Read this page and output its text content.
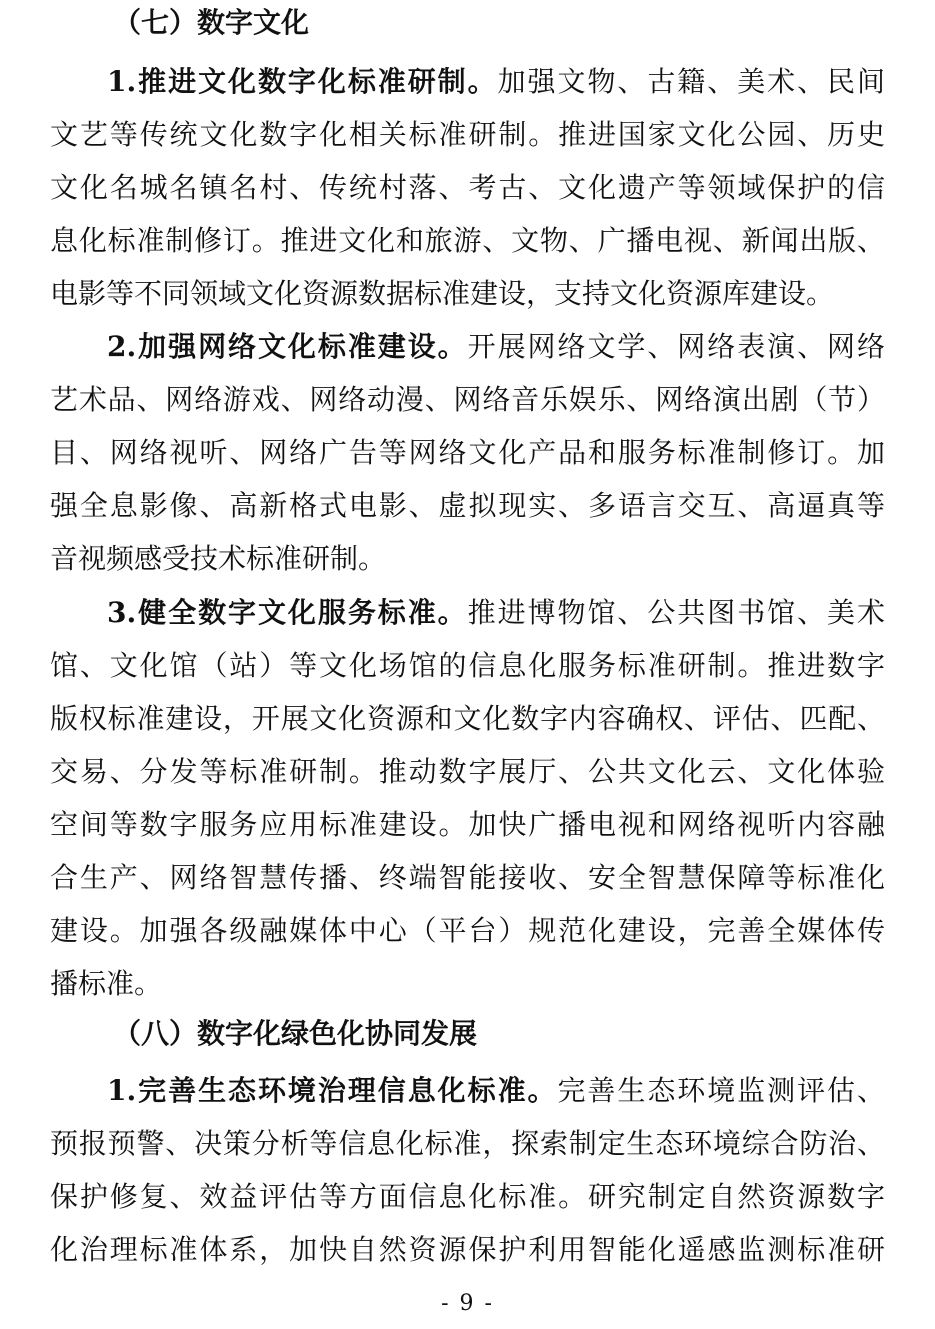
（七）数字文化
1.推进文化数字化标准研制。加强文物、古籍、美术、民间
文艺等传统文化数字化相关标准研制。推进国家文化公园、历史
文化名城名镇名村、传统村落、考古、文化遗产等领域保护的信
息化标准制修订。推进文化和旅游、文物、广播电视、新闻出版、
电影等不同领域文化资源数据标准建设，支持文化资源库建设。
2.加强网络文化标准建设。开展网络文学、网络表演、网络
艺术品、网络游戏、网络动漫、网络音乐娱乐、网络演出剧（节）
目、网络视听、网络广告等网络文化产品和服务标准制修订。加
强全息影像、高新格式电影、虚拟现实、多语言交互、高逼真等
音视频感受技术标准研制。
3.健全数字文化服务标准。推进博物馆、公共图书馆、美术
馆、文化馆（站）等文化场馆的信息化服务标准研制。推进数字
版权标准建设，开展文化资源和文化数字内容确权、评估、匹配、
交易、分发等标准研制。推动数字展厅、公共文化云、文化体验
空间等数字服务应用标准建设。加快广播电视和网络视听内容融
合生产、网络智慧传播、终端智能接收、安全智慧保障等标准化
建设。加强各级融媒体中心（平台）规范化建设，完善全媒体传
播标准。
（八）数字化绿色化协同发展
1.完善生态环境治理信息化标准。完善生态环境监测评估、
预报预警、决策分析等信息化标准，探索制定生态环境综合防治、
保护修复、效益评估等方面信息化标准。研究制定自然资源数字
化治理标准体系，加快自然资源保护利用智能化遥感监测标准研
- 9 -
